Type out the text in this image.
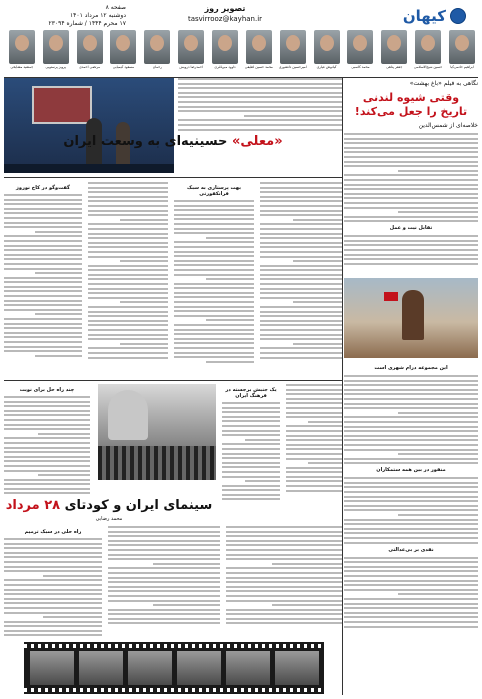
کیهان
تصویر روز
tasvirrooz@kayhan.ir
صفحه ۸
دوشنبه ۱۲ مرداد ۱۴۰۱
۱۷ محرم ۱۴۴۴ / شماره ۲۳۰۹۴
ابراهیم حاتمی‌کیا
حسین شیخ‌الاسلامی
جعفر پناهی
محمد کاسبی
کیانوش عیاری
امیرحسین دانشوری
محمد حسین لطیفی
داوود میرباقری
احمدرضا درویش
رحمان
مسعود کیمیایی
مرتضی احمدی
پرویز پرستویی
جمشید مشایخی
نگاهی به فیلم «باغ بهشت»
وقتی شیوه لندنی
تاریخ را جعل می‌کند!
خلاصه‌ای از شمس‌الدین
تقابل نیت و عمل
این مجموعه درام شهری است
منفور در بین همه ستمکاران
نقدی بر بی‌عدالتی
«معلی» حسینیه‌ای به وسعت ایران
گفت‌وگو در کاخ نوروز	بهت پرستاری به سبک فرانکفورتی
چند راه‌ حل برای نوبت	یک جنبش برجسته در فرهنگ ایران
سینمای ایران و کودتای ۲۸ مرداد
محمد رضایی
راه حلی در سبک ترمیم
